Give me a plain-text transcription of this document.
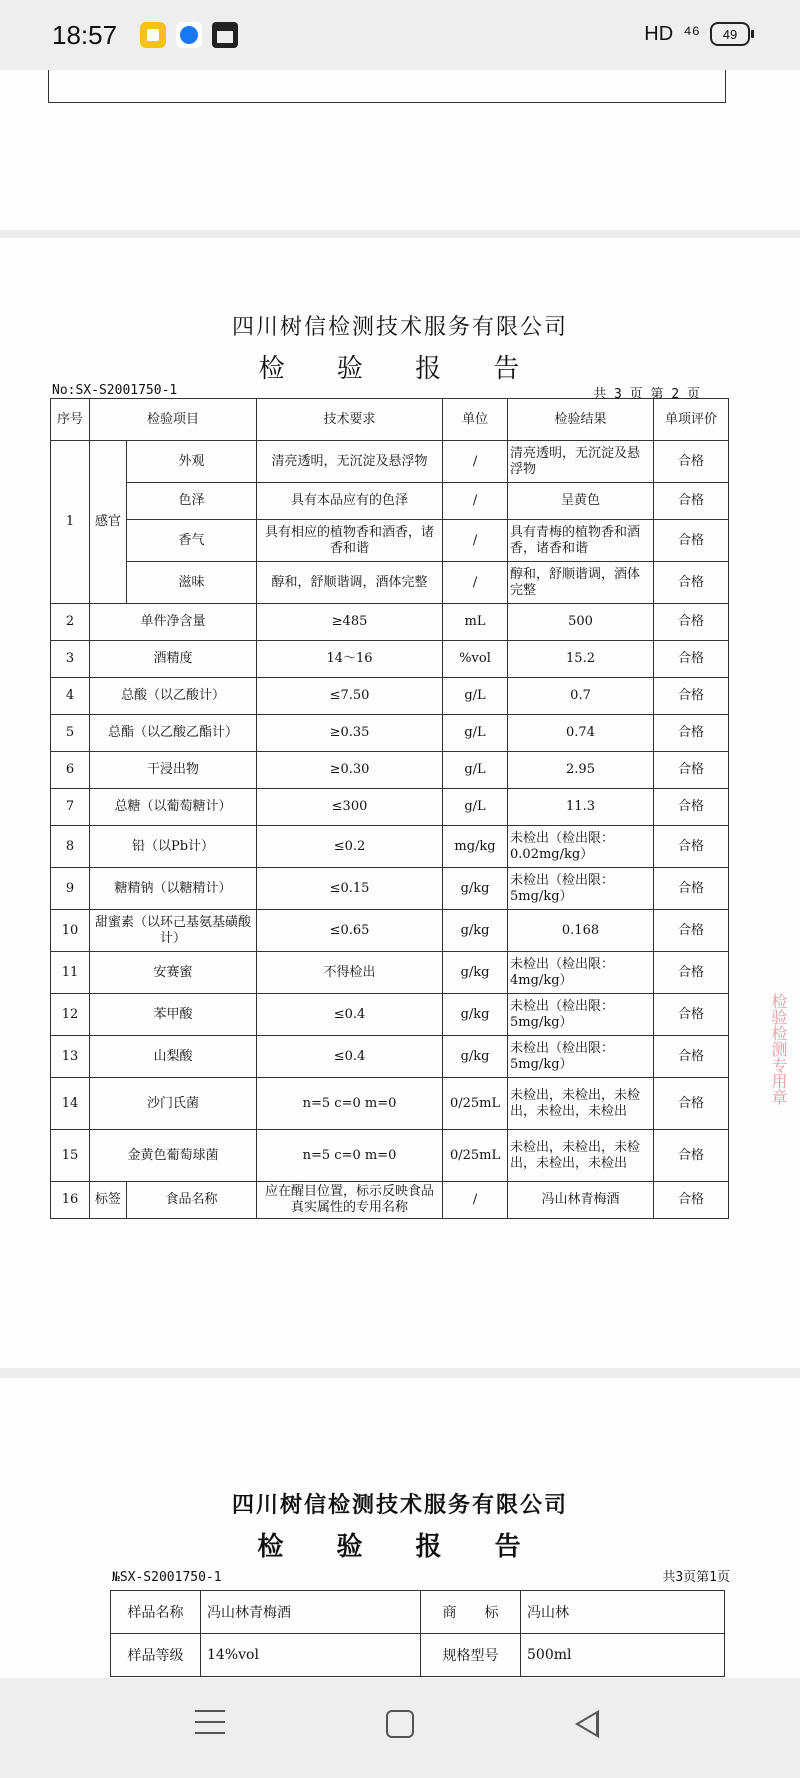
18:57	HD ⁴⁶ 49
四川树信检测技术服务有限公司
检 验 报 告
No:SX-S2001750-1	共 3 页 第 2 页
序号	检验项目		技术要求	单位	检验结果	单项评价
1	感官	外观	清亮透明，无沉淀及悬浮物	/	清亮透明，无沉淀及悬浮物	合格
		色泽	具有本品应有的色泽	/	呈黄色	合格
		香气	具有相应的植物香和酒香，诸香和谐	/	具有青梅的植物香和酒香，诸香和谐	合格
		滋味	醇和，舒顺谐调，酒体完整	/	醇和，舒顺谐调，酒体完整	合格
2	单件净含量		≥485	mL	500	合格
3	酒精度		14～16	%vol	15.2	合格
4	总酸（以乙酸计）		≤7.50	g/L	0.7	合格
5	总酯（以乙酸乙酯计）		≥0.35	g/L	0.74	合格
6	干浸出物		≥0.30	g/L	2.95	合格
7	总糖（以葡萄糖计）		≤300	g/L	11.3	合格
8	铅（以Pb计）		≤0.2	mg/kg	未检出（检出限：0.02mg/kg）	合格
9	糖精钠（以糖精计）		≤0.15	g/kg	未检出（检出限：5mg/kg）	合格
10	甜蜜素（以环己基氨基磺酸计）		≤0.65	g/kg	0.168	合格
11	安赛蜜		不得检出	g/kg	未检出（检出限：4mg/kg）	合格
12	苯甲酸		≤0.4	g/kg	未检出（检出限：5mg/kg）	合格
13	山梨酸		≤0.4	g/kg	未检出（检出限：5mg/kg）	合格
14	沙门氏菌		n=5 c=0 m=0	0/25mL	未检出，未检出，未检出，未检出，未检出	合格
15	金黄色葡萄球菌		n=5 c=0 m=0	0/25mL	未检出，未检出，未检出，未检出，未检出	合格
16	标签	食品名称	应在醒目位置，标示反映食品真实属性的专用名称	/	冯山林青梅酒	合格
检验检测专用章
四川树信检测技术服务有限公司
检 验 报 告
№SX-S2001750-1	共3页第1页
样品名称	冯山林青梅酒	商　　标	冯山林
样品等级	14%vol	规格型号	500ml
